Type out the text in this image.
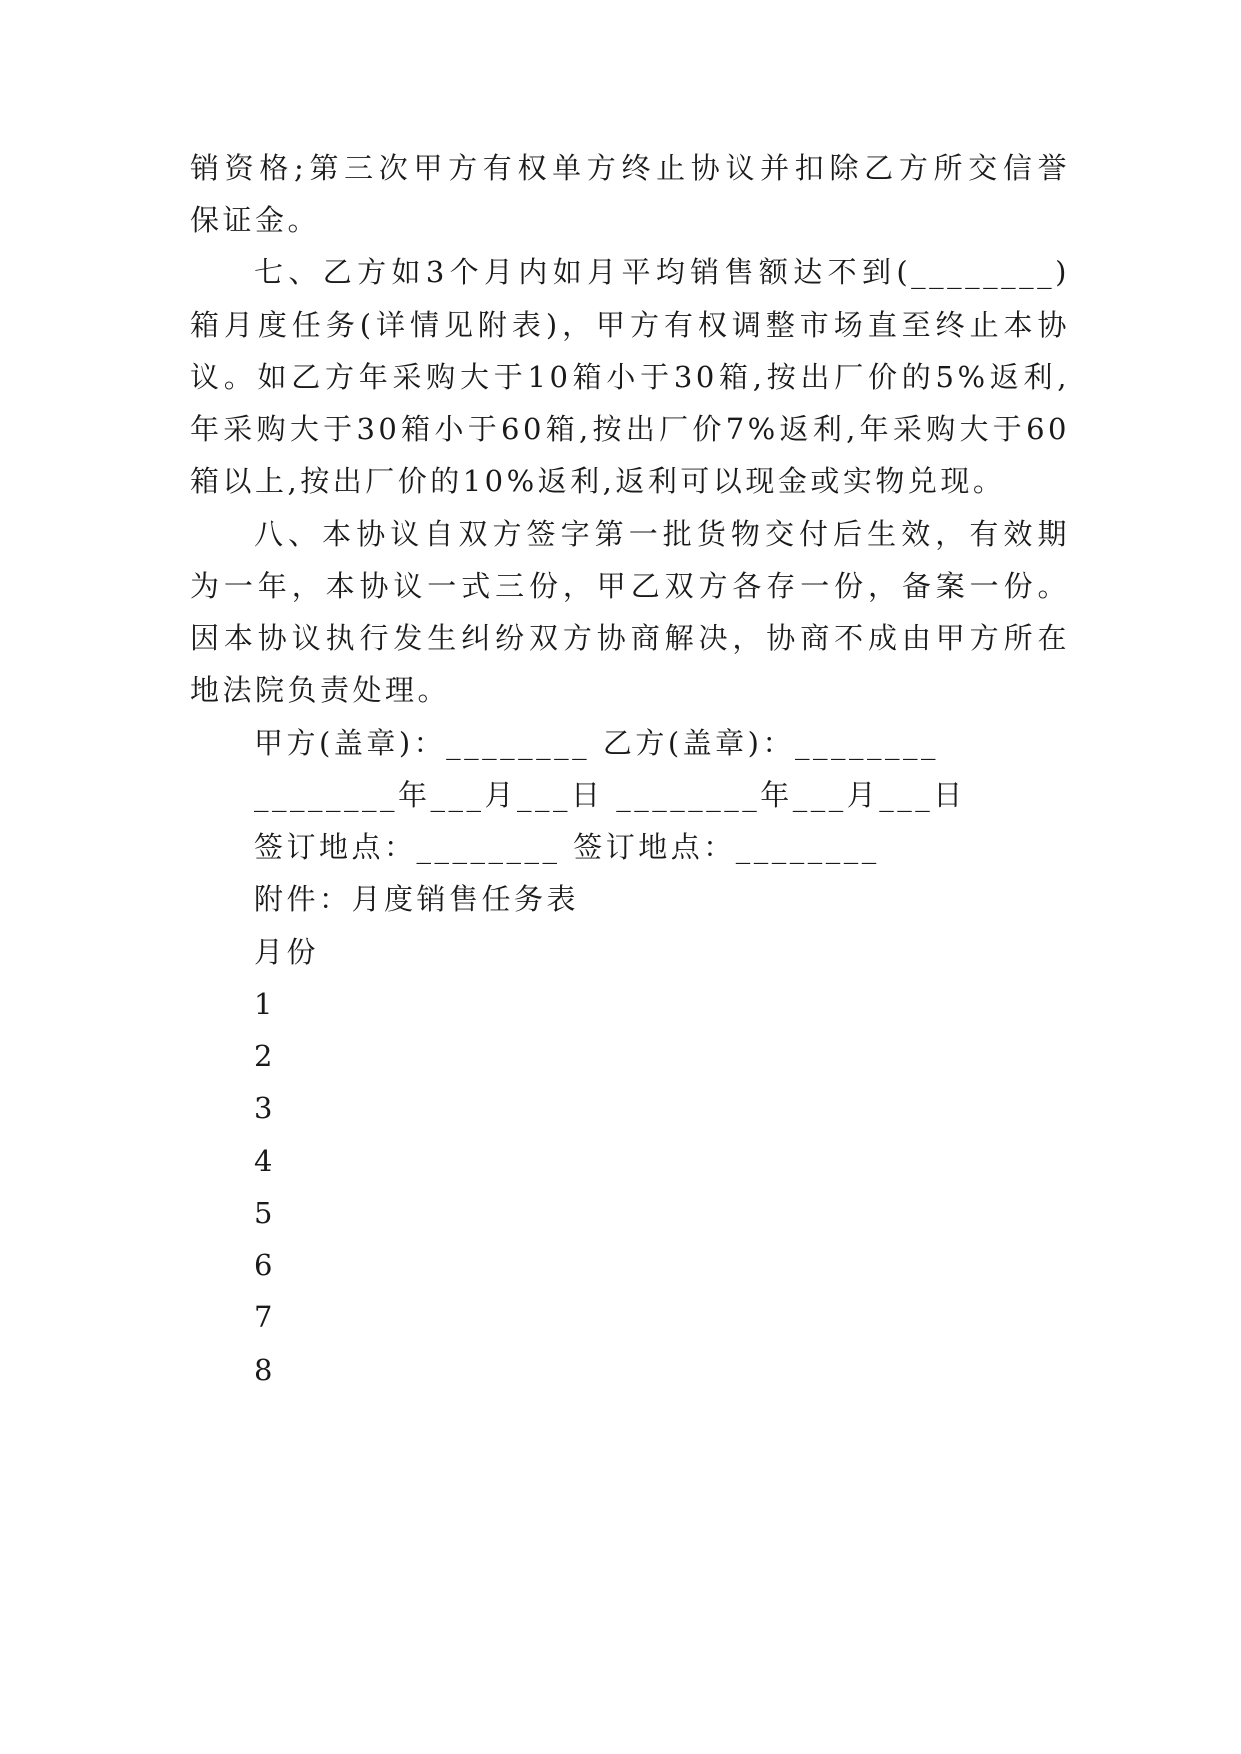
销资格;第三次甲方有权单方终止协议并扣除乙方所交信誉
保证金。
七、乙方如3个月内如月平均销售额达不到(________)
箱月度任务(详情见附表)，甲方有权调整市场直至终止本协
议。如乙方年采购大于10箱小于30箱,按出厂价的5%返利,
年采购大于30箱小于60箱,按出厂价7%返利,年采购大于60
箱以上,按出厂价的10%返利,返利可以现金或实物兑现。
八、本协议自双方签字第一批货物交付后生效，有效期
为一年，本协议一式三份，甲乙双方各存一份，备案一份。
因本协议执行发生纠纷双方协商解决，协商不成由甲方所在
地法院负责处理。
甲方(盖章)：________ 乙方(盖章)：________
________年___月___日 ________年___月___日
签订地点：________ 签订地点：________
附件：月度销售任务表
月份
1
2
3
4
5
6
7
8
